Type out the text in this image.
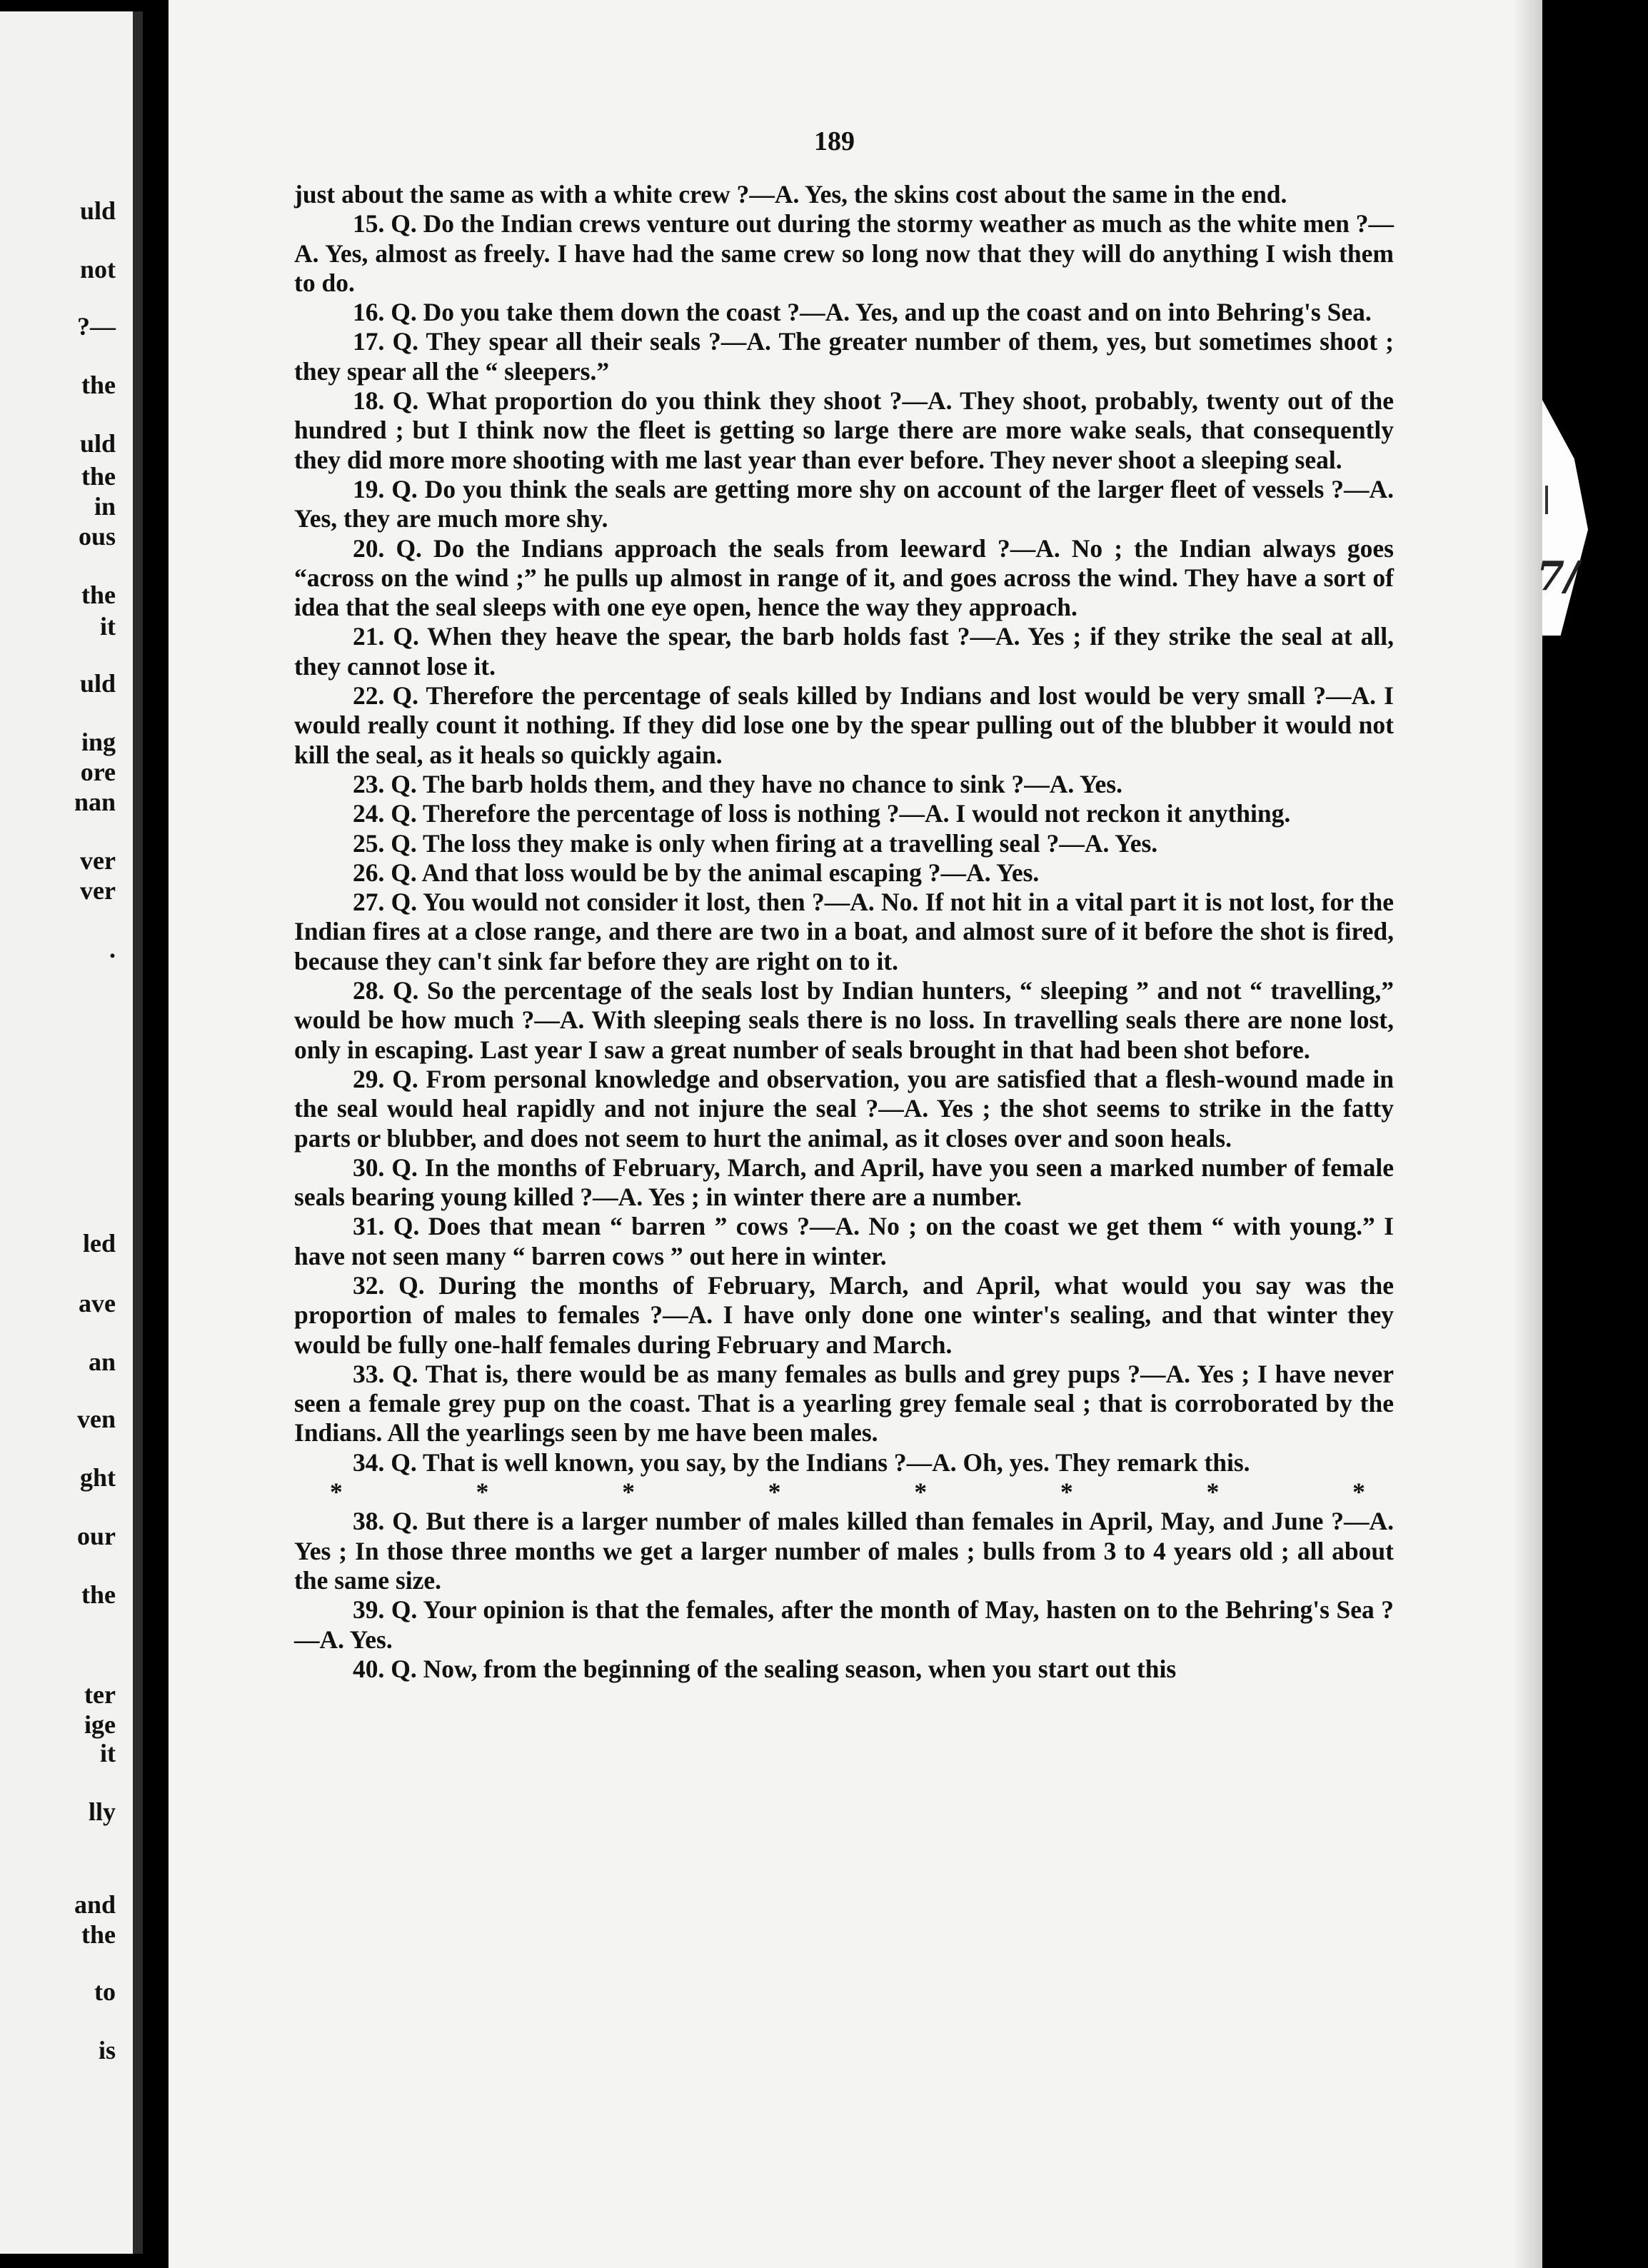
uld
not
?—
the
uld
the
in
ous
the
it
uld
ing
ore
nan
ver
ver
.
led
ave
an
ven
ght
our
the
ter
ige
it
lly
and
the
to
is
7/
189

just about the same as with a white crew ?—A. Yes, the skins cost about the same in the end.

15. Q. Do the Indian crews venture out during the stormy weather as much as the white men ?—A. Yes, almost as freely. I have had the same crew so long now that they will do anything I wish them to do.

16. Q. Do you take them down the coast ?—A. Yes, and up the coast and on into Behring's Sea.

17. Q. They spear all their seals ?—A. The greater number of them, yes, but sometimes shoot ; they spear all the “ sleepers.”

18. Q. What proportion do you think they shoot ?—A. They shoot, probably, twenty out of the hundred ; but I think now the fleet is getting so large there are more wake seals, that consequently they did more more shooting with me last year than ever before. They never shoot a sleeping seal.

19. Q. Do you think the seals are getting more shy on account of the larger fleet of vessels ?—A. Yes, they are much more shy.

20. Q. Do the Indians approach the seals from leeward ?—A. No ; the Indian always goes “across on the wind ;” he pulls up almost in range of it, and goes across the wind. They have a sort of idea that the seal sleeps with one eye open, hence the way they approach.

21. Q. When they heave the spear, the barb holds fast ?—A. Yes ; if they strike the seal at all, they cannot lose it.

22. Q. Therefore the percentage of seals killed by Indians and lost would be very small ?—A. I would really count it nothing. If they did lose one by the spear pulling out of the blubber it would not kill the seal, as it heals so quickly again.

23. Q. The barb holds them, and they have no chance to sink ?—A. Yes.

24. Q. Therefore the percentage of loss is nothing ?—A. I would not reckon it anything.

25. Q. The loss they make is only when firing at a travelling seal ?—A. Yes.

26. Q. And that loss would be by the animal escaping ?—A. Yes.

27. Q. You would not consider it lost, then ?—A. No. If not hit in a vital part it is not lost, for the Indian fires at a close range, and there are two in a boat, and almost sure of it before the shot is fired, because they can't sink far before they are right on to it.

28. Q. So the percentage of the seals lost by Indian hunters, “ sleeping ” and not “ travelling,” would be how much ?—A. With sleeping seals there is no loss. In travelling seals there are none lost, only in escaping. Last year I saw a great number of seals brought in that had been shot before.

29. Q. From personal knowledge and observation, you are satisfied that a flesh-wound made in the seal would heal rapidly and not injure the seal ?—A. Yes ; the shot seems to strike in the fatty parts or blubber, and does not seem to hurt the animal, as it closes over and soon heals.

30. Q. In the months of February, March, and April, have you seen a marked number of female seals bearing young killed ?—A. Yes ; in winter there are a number.

31. Q. Does that mean “ barren ” cows ?—A. No ; on the coast we get them “ with young.” I have not seen many “ barren cows ” out here in winter.

32. Q. During the months of February, March, and April, what would you say was the proportion of males to females ?—A. I have only done one winter's sealing, and that winter they would be fully one-half females during February and March.

33. Q. That is, there would be as many females as bulls and grey pups ?—A. Yes ; I have never seen a female grey pup on the coast. That is a yearling grey female seal ; that is corroborated by the Indians. All the yearlings seen by me have been males.

34. Q. That is well known, you say, by the Indians ?—A. Oh, yes. They remark this.

*	*	*	*	*	*	*	*

38. Q. But there is a larger number of males killed than females in April, May, and June ?—A. Yes ; In those three months we get a larger number of males ; bulls from 3 to 4 years old ; all about the same size.

39. Q. Your opinion is that the females, after the month of May, hasten on to the Behring's Sea ?—A. Yes.

40. Q. Now, from the beginning of the sealing season, when you start out this
